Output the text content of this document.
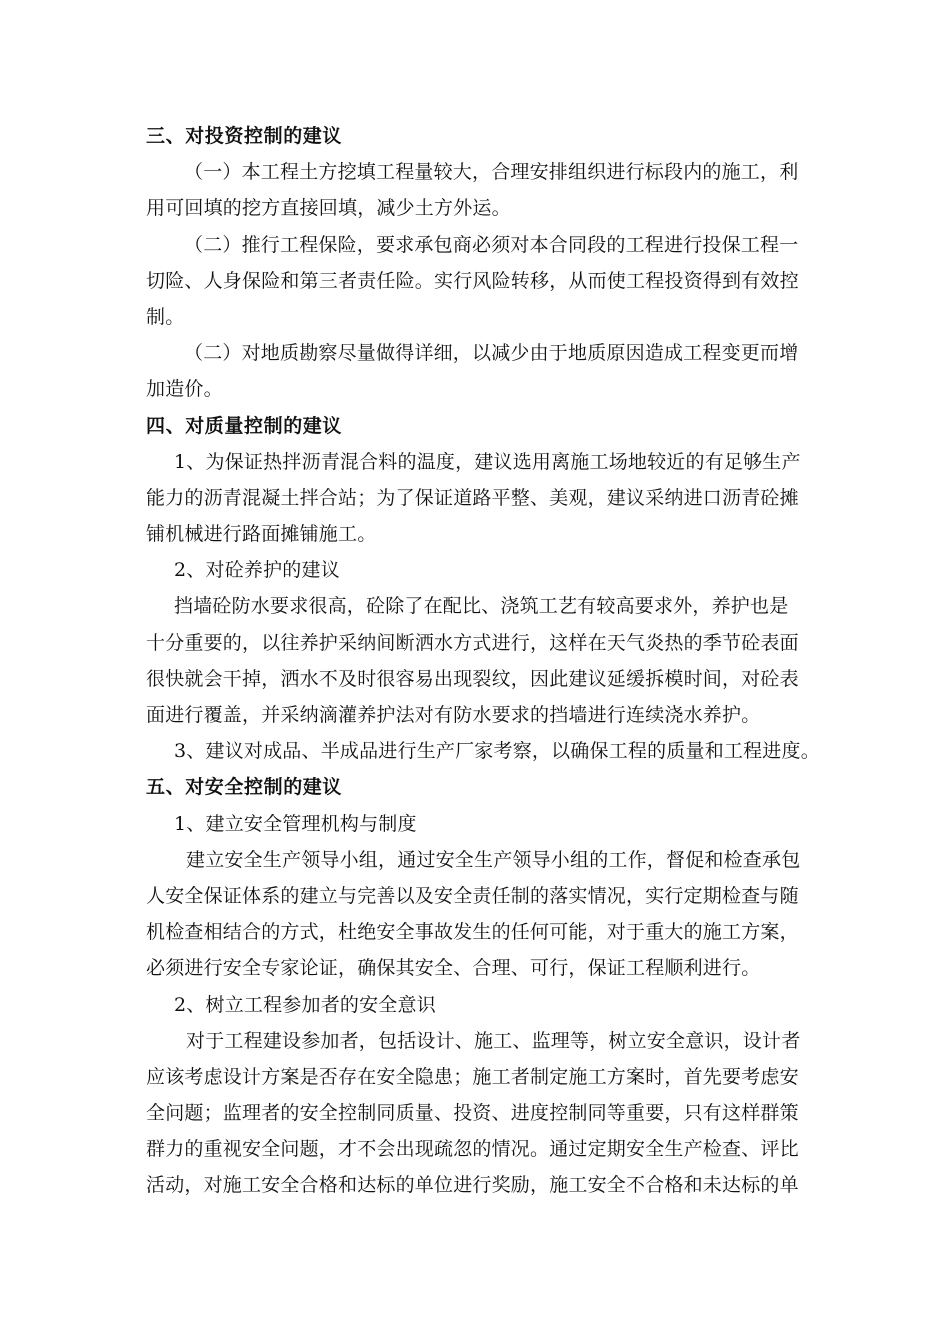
三、对投资控制的建议
（一）本工程土方挖填工程量较大，合理安排组织进行标段内的施工，利
用可回填的挖方直接回填，减少土方外运。
（二）推行工程保险，要求承包商必须对本合同段的工程进行投保工程一
切险、人身保险和第三者责任险。实行风险转移，从而使工程投资得到有效控
制。
（二）对地质勘察尽量做得详细，以减少由于地质原因造成工程变更而增
加造价。
四、对质量控制的建议
1、为保证热拌沥青混合料的温度，建议选用离施工场地较近的有足够生产
能力的沥青混凝土拌合站；为了保证道路平整、美观，建议采纳进口沥青砼摊
铺机械进行路面摊铺施工。
2、对砼养护的建议
挡墙砼防水要求很高，砼除了在配比、浇筑工艺有较高要求外，养护也是
十分重要的，以往养护采纳间断洒水方式进行，这样在天气炎热的季节砼表面
很快就会干掉，洒水不及时很容易出现裂纹，因此建议延缓拆模时间，对砼表
面进行覆盖，并采纳滴灌养护法对有防水要求的挡墙进行连续浇水养护。
3、建议对成品、半成品进行生产厂家考察，以确保工程的质量和工程进度。
五、对安全控制的建议
1、建立安全管理机构与制度
建立安全生产领导小组，通过安全生产领导小组的工作，督促和检查承包
人安全保证体系的建立与完善以及安全责任制的落实情况，实行定期检查与随
机检查相结合的方式，杜绝安全事故发生的任何可能，对于重大的施工方案，
必须进行安全专家论证，确保其安全、合理、可行，保证工程顺利进行。
2、树立工程参加者的安全意识
对于工程建设参加者，包括设计、施工、监理等，树立安全意识，设计者
应该考虑设计方案是否存在安全隐患；施工者制定施工方案时，首先要考虑安
全问题；监理者的安全控制同质量、投资、进度控制同等重要，只有这样群策
群力的重视安全问题，才不会出现疏忽的情况。通过定期安全生产检查、评比
活动，对施工安全合格和达标的单位进行奖励，施工安全不合格和未达标的单
